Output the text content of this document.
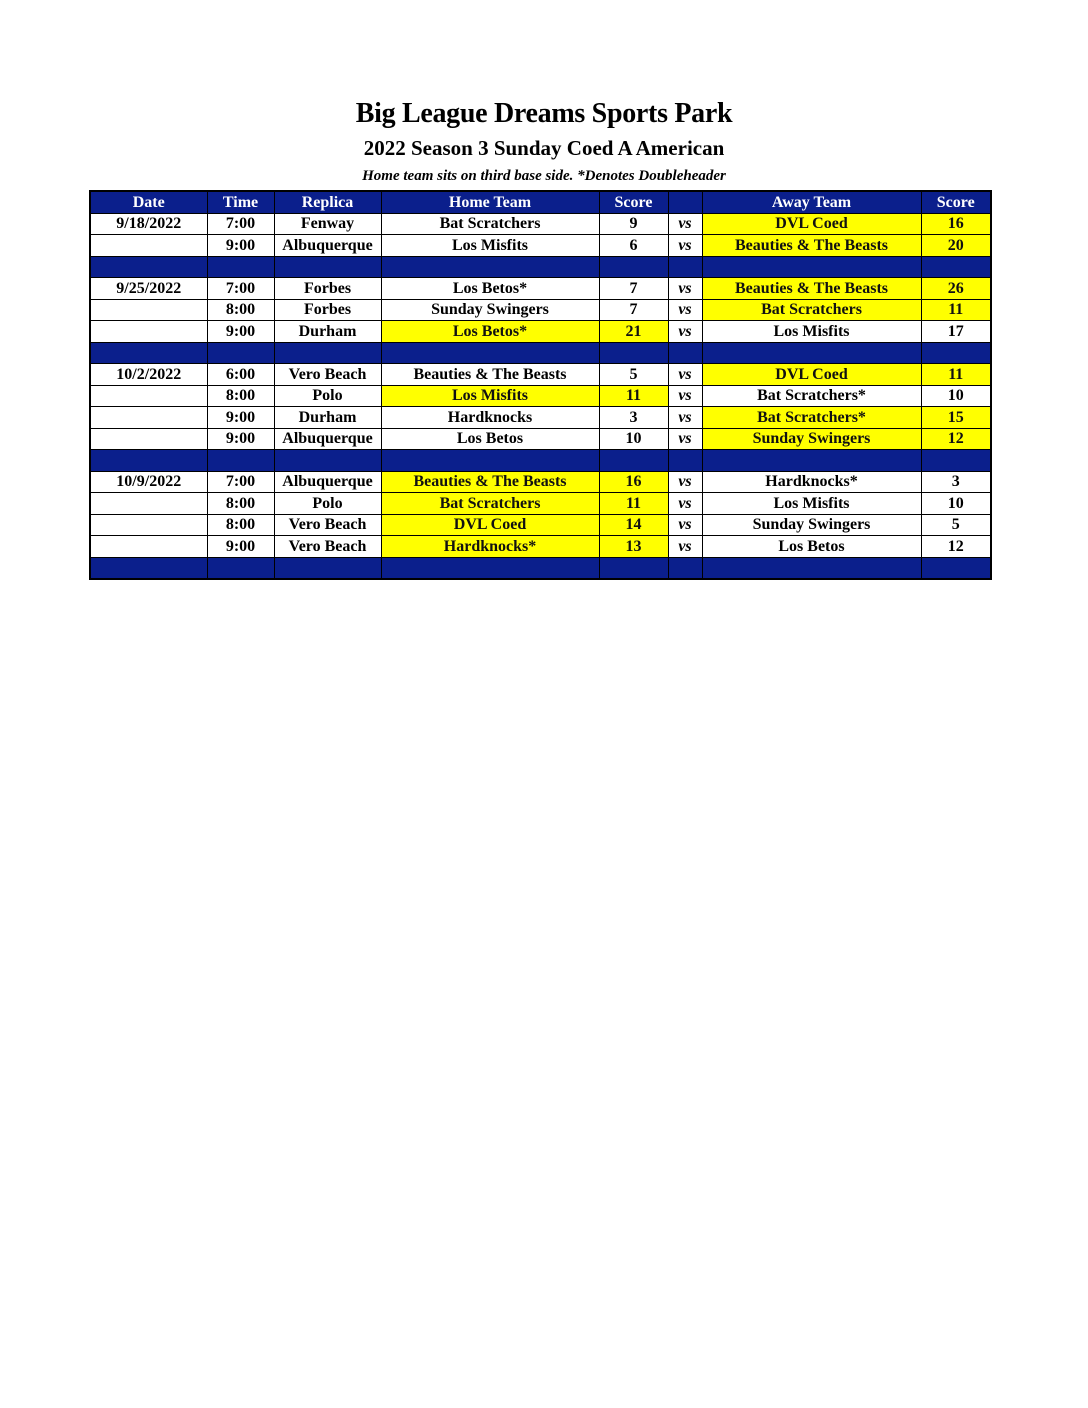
Big League Dreams Sports Park
2022 Season 3 Sunday Coed A American
Home team sits on third base side. *Denotes Doubleheader
Date	Time	Replica	Home Team	Score		Away Team	Score
9/18/2022	7:00	Fenway	Bat Scratchers	9	vs	DVL Coed	16
	9:00	Albuquerque	Los Misfits	6	vs	Beauties & The Beasts	20

9/25/2022	7:00	Forbes	Los Betos*	7	vs	Beauties & The Beasts	26
	8:00	Forbes	Sunday Swingers	7	vs	Bat Scratchers	11
	9:00	Durham	Los Betos*	21	vs	Los Misfits	17

10/2/2022	6:00	Vero Beach	Beauties & The Beasts	5	vs	DVL Coed	11
	8:00	Polo	Los Misfits	11	vs	Bat Scratchers*	10
	9:00	Durham	Hardknocks	3	vs	Bat Scratchers*	15
	9:00	Albuquerque	Los Betos	10	vs	Sunday Swingers	12

10/9/2022	7:00	Albuquerque	Beauties & The Beasts	16	vs	Hardknocks*	3
	8:00	Polo	Bat Scratchers	11	vs	Los Misfits	10
	8:00	Vero Beach	DVL Coed	14	vs	Sunday Swingers	5
	9:00	Vero Beach	Hardknocks*	13	vs	Los Betos	12
